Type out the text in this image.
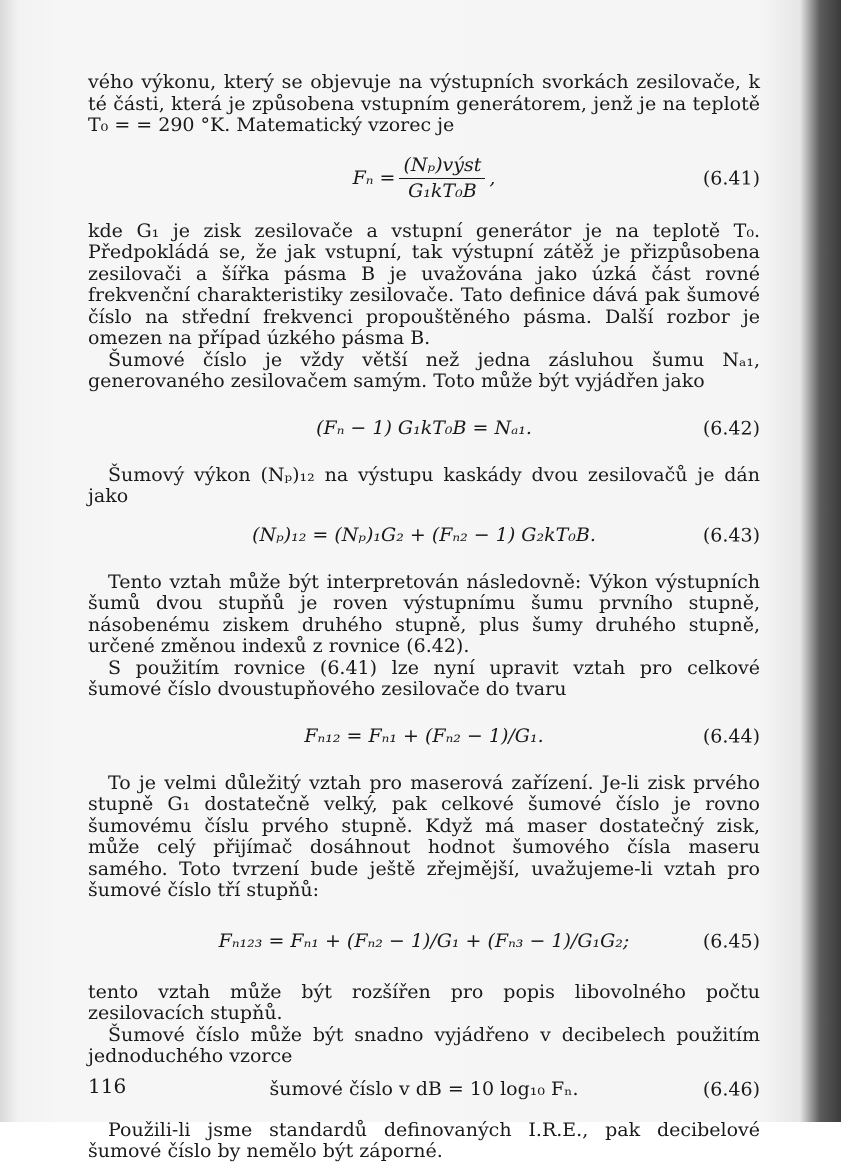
vého výkonu, který se objevuje na výstupních svorkách zesilovače, k té části, která je způsobena vstupním generátorem, jenž je na teplotě T₀ = = 290 °K. Matematický vzorec je

$F_n = \frac{\text{(Nₚ)výst}}{\text{G₁kT₀B}}$ ,	(6.41)

kde G₁ je zisk zesilovače a vstupní generátor je na teplotě T₀. Předpokládá se, že jak vstupní, tak výstupní zátěž je přizpůsobena zesilovači a šířka pásma B je uvažována jako úzká část rovné frekvenční charakteristiky zesilovače. Tato definice dává pak šumové číslo na střední frekvenci propouštěného pásma. Další rozbor je omezen na případ úzkého pásma B.

Šumové číslo je vždy větší než jedna zásluhou šumu Nₐ₁, generovaného zesilovačem samým. Toto může být vyjádřen jako

(Fₙ − 1) G₁kT₀B = Nₐ₁.	(6.42)

Šumový výkon (Nₚ)₁₂ na výstupu kaskády dvou zesilovačů je dán jako

(Nₚ)₁₂ = (Nₚ)₁G₂ + (Fₙ₂ − 1) G₂kT₀B.	(6.43)

Tento vztah může být interpretován následovně: Výkon výstupních šumů dvou stupňů je roven výstupnímu šumu prvního stupně, násobenému ziskem druhého stupně, plus šumy druhého stupně, určené změnou indexů z rovnice (6.42).

S použitím rovnice (6.41) lze nyní upravit vztah pro celkové šumové číslo dvoustupňového zesilovače do tvaru

Fₙ₁₂ = Fₙ₁ + (Fₙ₂ − 1)/G₁.	(6.44)

To je velmi důležitý vztah pro maserová zařízení. Je-li zisk prvého stupně G₁ dostatečně velký, pak celkové šumové číslo je rovno šumovému číslu prvého stupně. Když má maser dostatečný zisk, může celý přijímač dosáhnout hodnot šumového čísla maseru samého. Toto tvrzení bude ještě zřejmější, uvažujeme-li vztah pro šumové číslo tří stupňů:

Fₙ₁₂₃ = Fₙ₁ + (Fₙ₂ − 1)/G₁ + (Fₙ₃ − 1)/G₁G₂;	(6.45)

tento vztah může být rozšířen pro popis libovolného počtu zesilovacích stupňů.

Šumové číslo může být snadno vyjádřeno v decibelech použitím jednoduchého vzorce

šumové číslo v dB = 10 log₁₀ Fₙ.	(6.46)

Použili-li jsme standardů definovaných I.R.E., pak decibelové šumové číslo by nemělo být záporné.

116
